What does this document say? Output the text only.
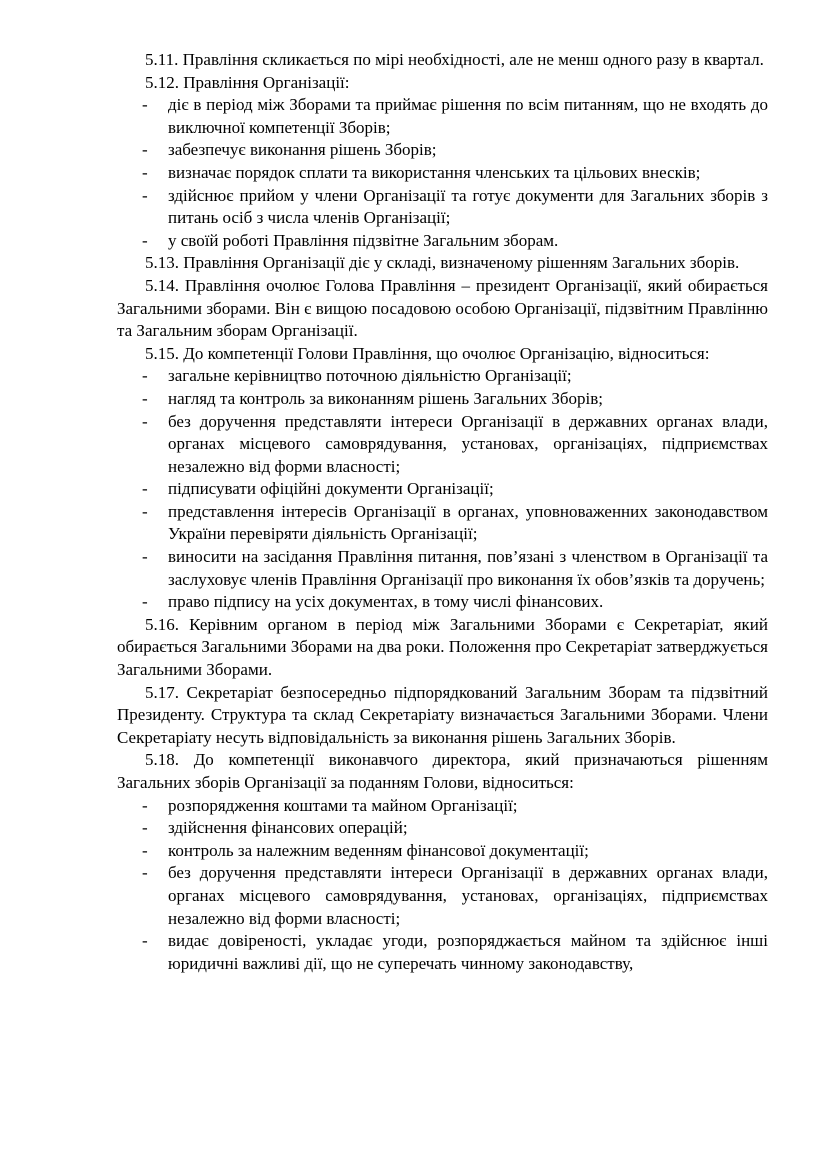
5.11. Правління скликається по мірі необхідності, але не менш одного разу в квартал.

5.12. Правління Організації:

- діє в період між Зборами та приймає рішення по всім питанням, що не входять до виключної компетенції Зборів;
- забезпечує виконання рішень Зборів;
- визначає порядок сплати та використання членських та цільових внесків;
- здійснює прийом у члени Організації та готує документи для Загальних зборів з питань осіб з числа членів Організації;
- у своїй роботі Правління підзвітне Загальним зборам.

5.13. Правління Організації діє у складі, визначеному рішенням Загальних зборів.

5.14. Правління очолює Голова Правління – президент Організації, який обирається Загальними зборами. Він є вищою посадовою особою Організації, підзвітним Правлінню та Загальним зборам Організації.

5.15. До компетенції Голови Правління, що очолює Організацію, відноситься:

- загальне керівництво поточною діяльністю Організації;
- нагляд та контроль за виконанням рішень Загальних Зборів;
- без доручення представляти інтереси Організації в державних органах влади, органах місцевого самоврядування, установах, організаціях, підприємствах незалежно від форми власності;
- підписувати офіційні документи Організації;
- представлення інтересів Організації в органах, уповноваженних законодавством України перевіряти діяльність Організації;
- виносити на засідання Правління питання, пов’язані з членством в Організації та заслуховує членів Правління Організації про виконання їх обов’язків та доручень;
- право підпису на усіх документах, в тому числі фінансових.

5.16. Керівним органом в період між Загальними Зборами є Секретаріат, який обирається Загальними Зборами на два роки. Положення про Секретаріат затверджується Загальними Зборами.

5.17. Секретаріат безпосередньо підпорядкований Загальним Зборам та підзвітний Президенту. Структура та склад Секретаріату визначається Загальними Зборами. Члени Секретаріату несуть відповідальність за виконання рішень Загальних Зборів.

5.18. До компетенції виконавчого директора, який призначаються рішенням Загальних зборів Організації за поданням Голови, відноситься:

- розпорядження коштами та майном Організації;
- здійснення фінансових операцій;
- контроль за належним веденням фінансової документації;
- без доручення представляти інтереси Організації в державних органах влади, органах місцевого самоврядування, установах, організаціях, підприємствах незалежно від форми власності;
- видає довіреності, укладає угоди, розпоряджається майном та здійснює інші юридичні важливі дії, що не суперечать чинному законодавству,
